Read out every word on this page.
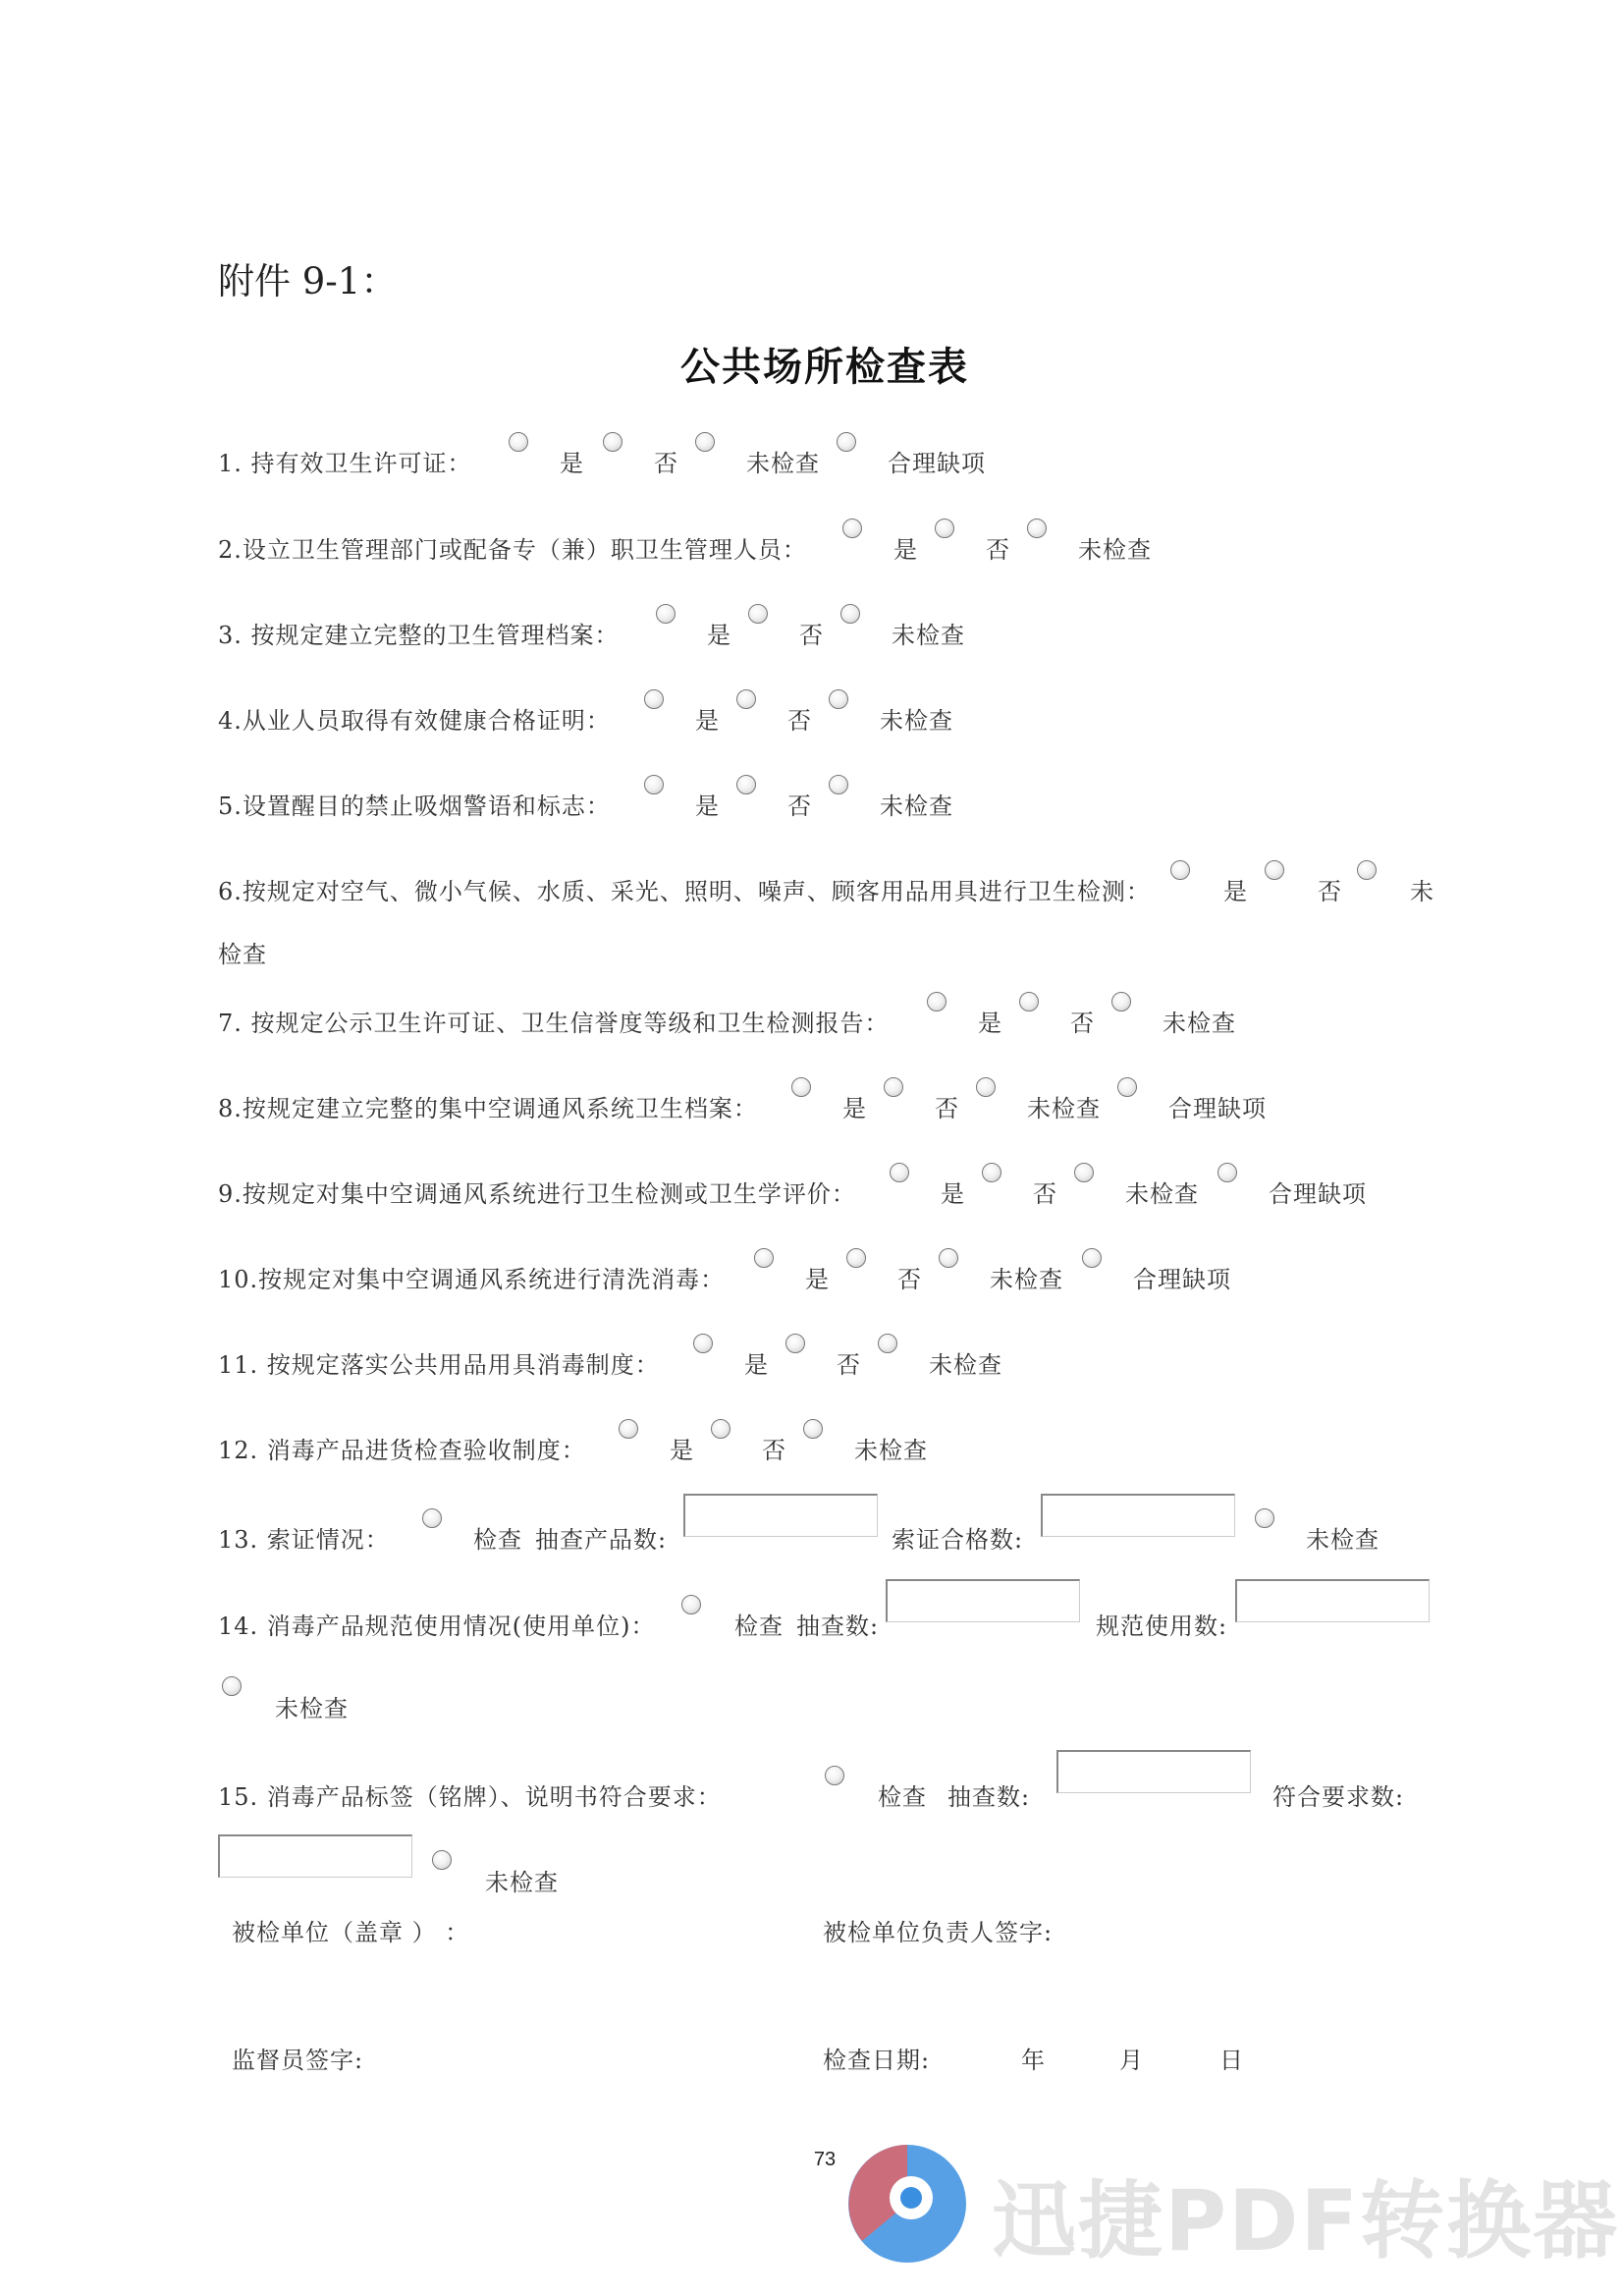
附件 9-1：
公共场所检查表
1. 持有效卫生许可证：	是	否	未检查	合理缺项
2.设立卫生管理部门或配备专（兼）职卫生管理人员：	是	否	未检查
3. 按规定建立完整的卫生管理档案：	是	否	未检查
4.从业人员取得有效健康合格证明：	是	否	未检查
5.设置醒目的禁止吸烟警语和标志：	是	否	未检查
6.按规定对空气、微小气候、水质、采光、照明、噪声、顾客用品用具进行卫生检测：	是	否	未
检查
7. 按规定公示卫生许可证、卫生信誉度等级和卫生检测报告：	是	否	未检查
8.按规定建立完整的集中空调通风系统卫生档案：	是	否	未检查	合理缺项
9.按规定对集中空调通风系统进行卫生检测或卫生学评价：	是	否	未检查	合理缺项
10.按规定对集中空调通风系统进行清洗消毒：	是	否	未检查	合理缺项
11. 按规定落实公共用品用具消毒制度：	是	否	未检查
12. 消毒产品进货检查验收制度：	是	否	未检查
13. 索证情况：	检查 抽查产品数:	索证合格数:	未检查
14. 消毒产品规范使用情况(使用单位)：	检查 抽查数:	规范使用数:
未检查
15. 消毒产品标签（铭牌）、说明书符合要求：	检查 抽查数:	符合要求数:
未检查
被检单位（盖章 ） ：	被检单位负责人签字:
监督员签字:	检查日期:	年	月	日
73
迅捷PDF转换器
